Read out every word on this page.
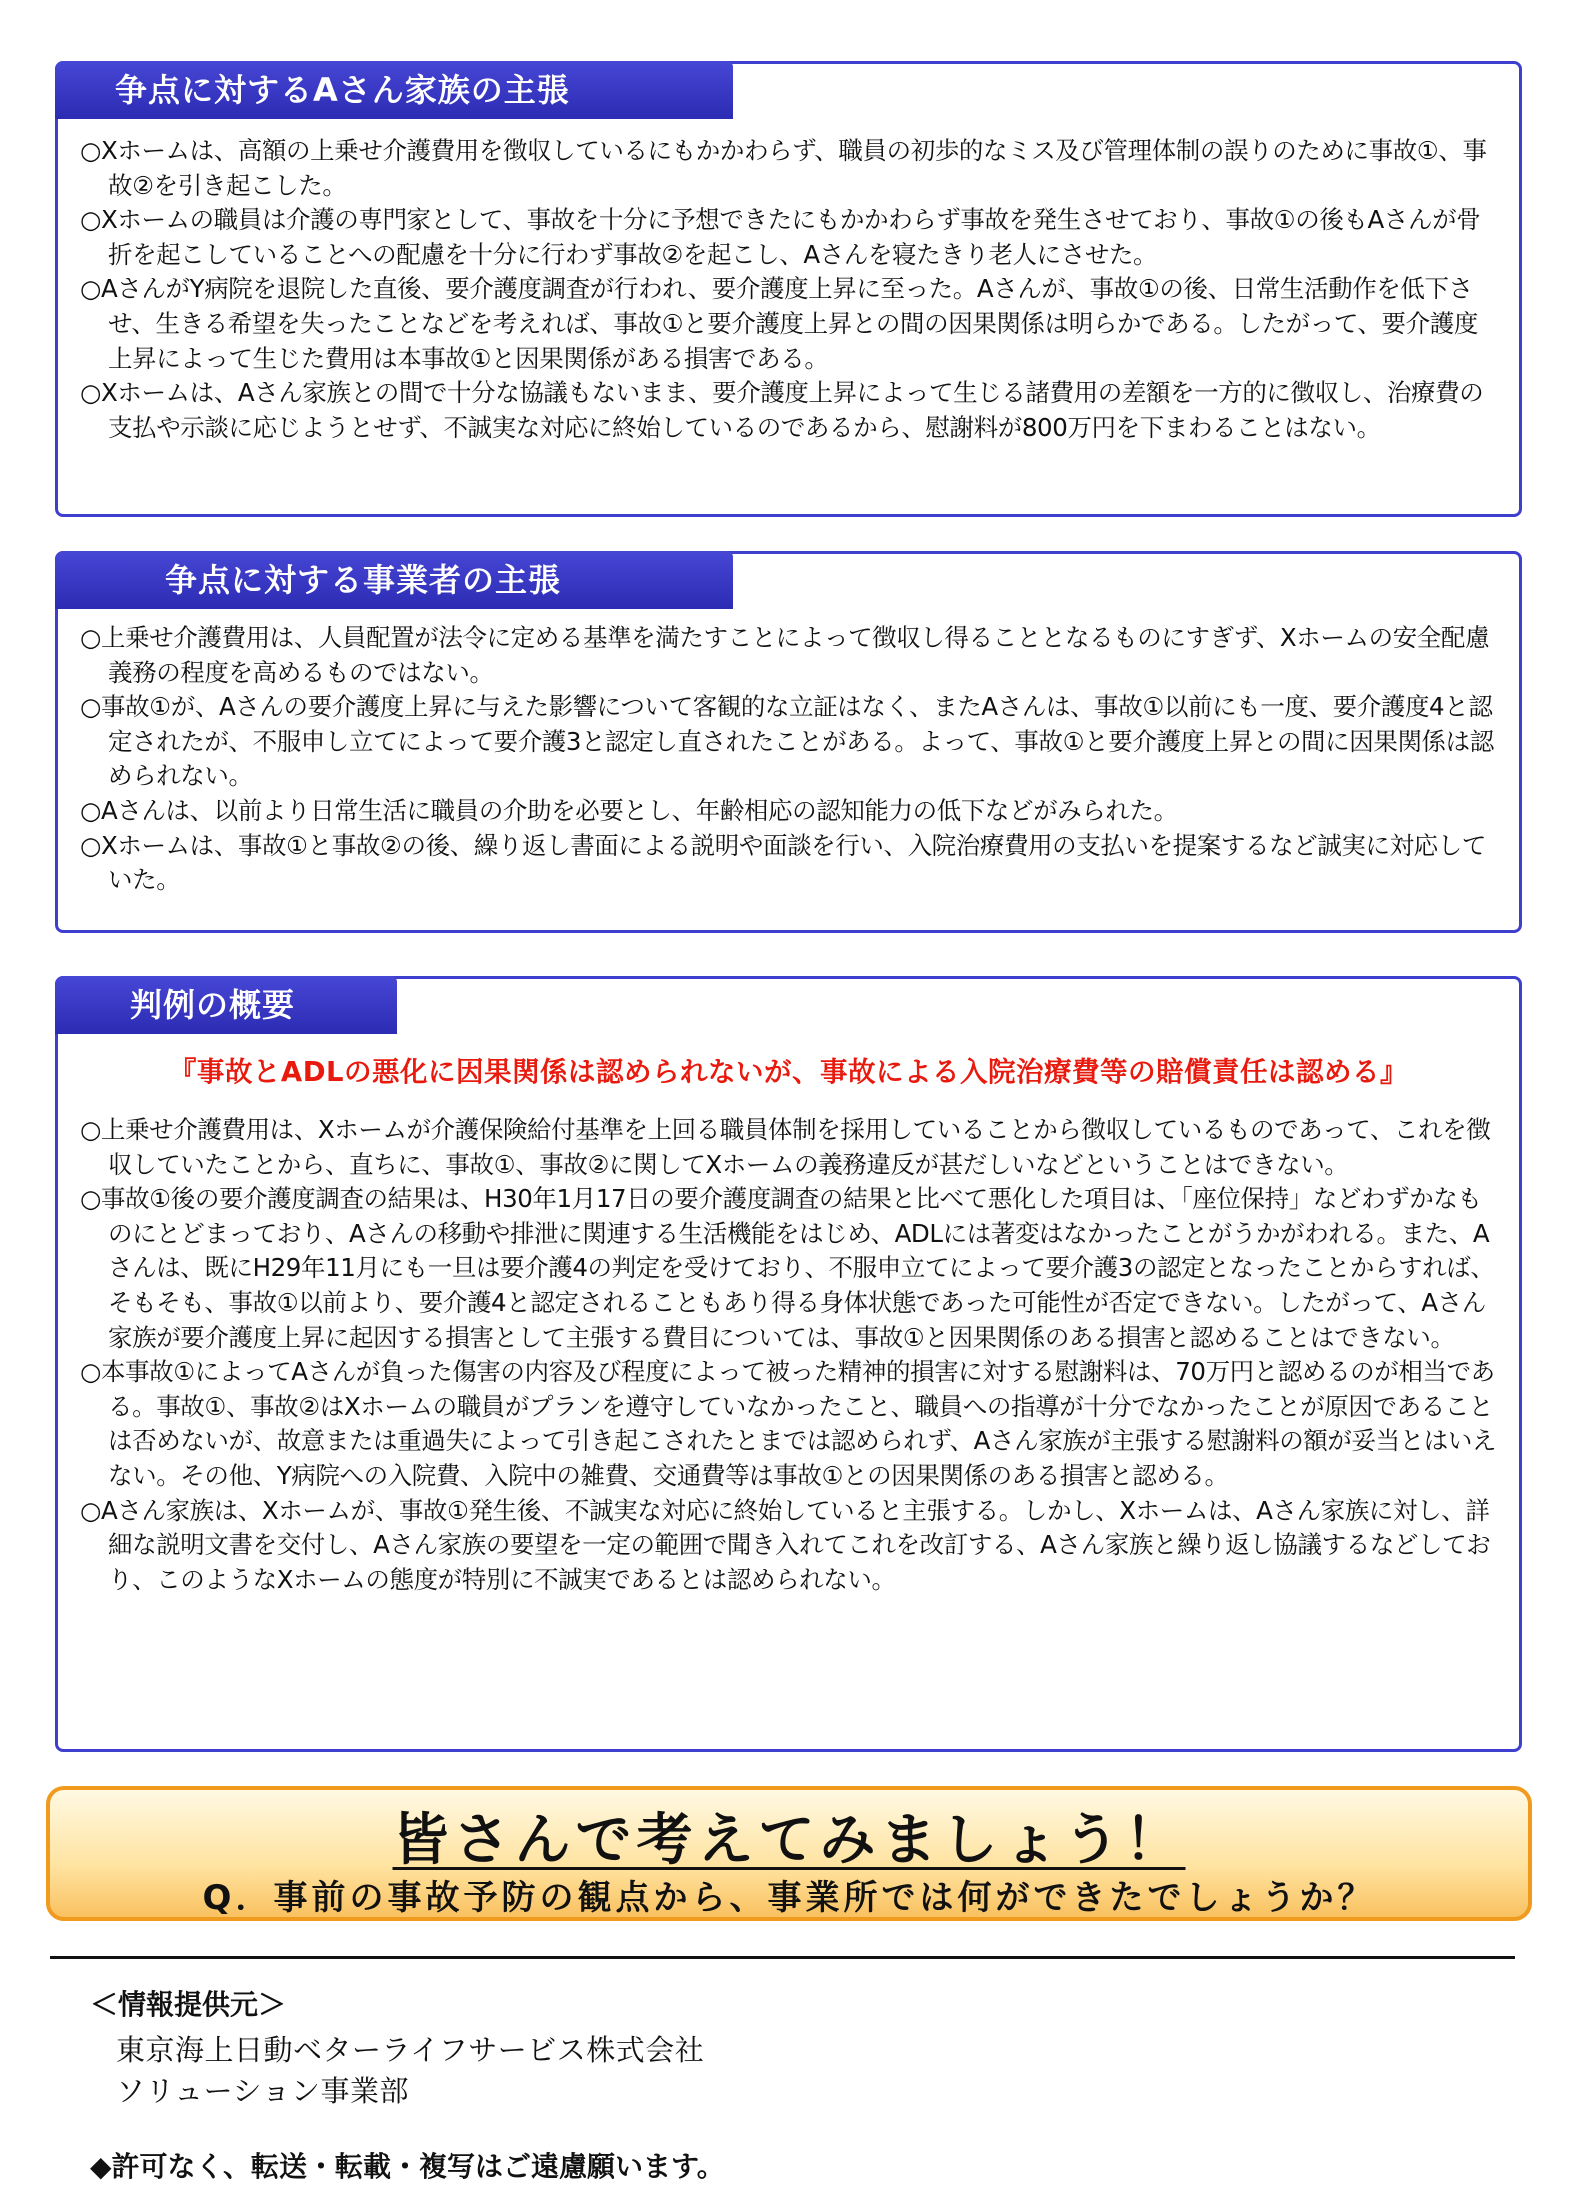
争点に対するAさん家族の主張
○Xホームは、高額の上乗せ介護費用を徴収しているにもかかわらず、職員の初歩的なミス及び管理体制の誤りのために事故①、事故②を引き起こした。
○Xホームの職員は介護の専門家として、事故を十分に予想できたにもかかわらず事故を発生させており、事故①の後もAさんが骨折を起こしていることへの配慮を十分に行わず事故②を起こし、Aさんを寝たきり老人にさせた。
○AさんがY病院を退院した直後、要介護度調査が行われ、要介護度上昇に至った。Aさんが、事故①の後、日常生活動作を低下させ、生きる希望を失ったことなどを考えれば、事故①と要介護度上昇との間の因果関係は明らかである。したがって、要介護度上昇によって生じた費用は本事故①と因果関係がある損害である。
○Xホームは、Aさん家族との間で十分な協議もないまま、要介護度上昇によって生じる諸費用の差額を一方的に徴収し、治療費の支払や示談に応じようとせず、不誠実な対応に終始しているのであるから、慰謝料が800万円を下まわることはない。
争点に対する事業者の主張
○上乗せ介護費用は、人員配置が法令に定める基準を満たすことによって徴収し得ることとなるものにすぎず、Xホームの安全配慮義務の程度を高めるものではない。
○事故①が、Aさんの要介護度上昇に与えた影響について客観的な立証はなく、またAさんは、事故①以前にも一度、要介護度4と認定されたが、不服申し立てによって要介護3と認定し直されたことがある。よって、事故①と要介護度上昇との間に因果関係は認められない。
○Aさんは、以前より日常生活に職員の介助を必要とし、年齢相応の認知能力の低下などがみられた。
○Xホームは、事故①と事故②の後、繰り返し書面による説明や面談を行い、入院治療費用の支払いを提案するなど誠実に対応していた。
判例の概要
『事故とADLの悪化に因果関係は認められないが、事故による入院治療費等の賠償責任は認める』
○上乗せ介護費用は、Xホームが介護保険給付基準を上回る職員体制を採用していることから徴収しているものであって、これを徴収していたことから、直ちに、事故①、事故②に関してXホームの義務違反が甚だしいなどということはできない。
○事故①後の要介護度調査の結果は、H30年1月17日の要介護度調査の結果と比べて悪化した項目は、「座位保持」などわずかなものにとどまっており、Aさんの移動や排泄に関連する生活機能をはじめ、ADLには著変はなかったことがうかがわれる。また、Aさんは、既にH29年11月にも一旦は要介護4の判定を受けており、不服申立てによって要介護3の認定となったことからすれば、そもそも、事故①以前より、要介護4と認定されることもあり得る身体状態であった可能性が否定できない。したがって、Aさん家族が要介護度上昇に起因する損害として主張する費目については、事故①と因果関係のある損害と認めることはできない。
○本事故①によってAさんが負った傷害の内容及び程度によって被った精神的損害に対する慰謝料は、70万円と認めるのが相当である。事故①、事故②はXホームの職員がプランを遵守していなかったこと、職員への指導が十分でなかったことが原因であることは否めないが、故意または重過失によって引き起こされたとまでは認められず、Aさん家族が主張する慰謝料の額が妥当とはいえない。その他、Y病院への入院費、入院中の雑費、交通費等は事故①との因果関係のある損害と認める。
○Aさん家族は、Xホームが、事故①発生後、不誠実な対応に終始していると主張する。しかし、Xホームは、Aさん家族に対し、詳細な説明文書を交付し、Aさん家族の要望を一定の範囲で聞き入れてこれを改訂する、Aさん家族と繰り返し協議するなどしており、このようなXホームの態度が特別に不誠実であるとは認められない。
皆さんで考えてみましょう！
Q．事前の事故予防の観点から、事業所では何ができたでしょうか？
＜情報提供元＞
東京海上日動ベターライフサービス株式会社
ソリューション事業部
◆許可なく、転送・転載・複写はご遠慮願います。
